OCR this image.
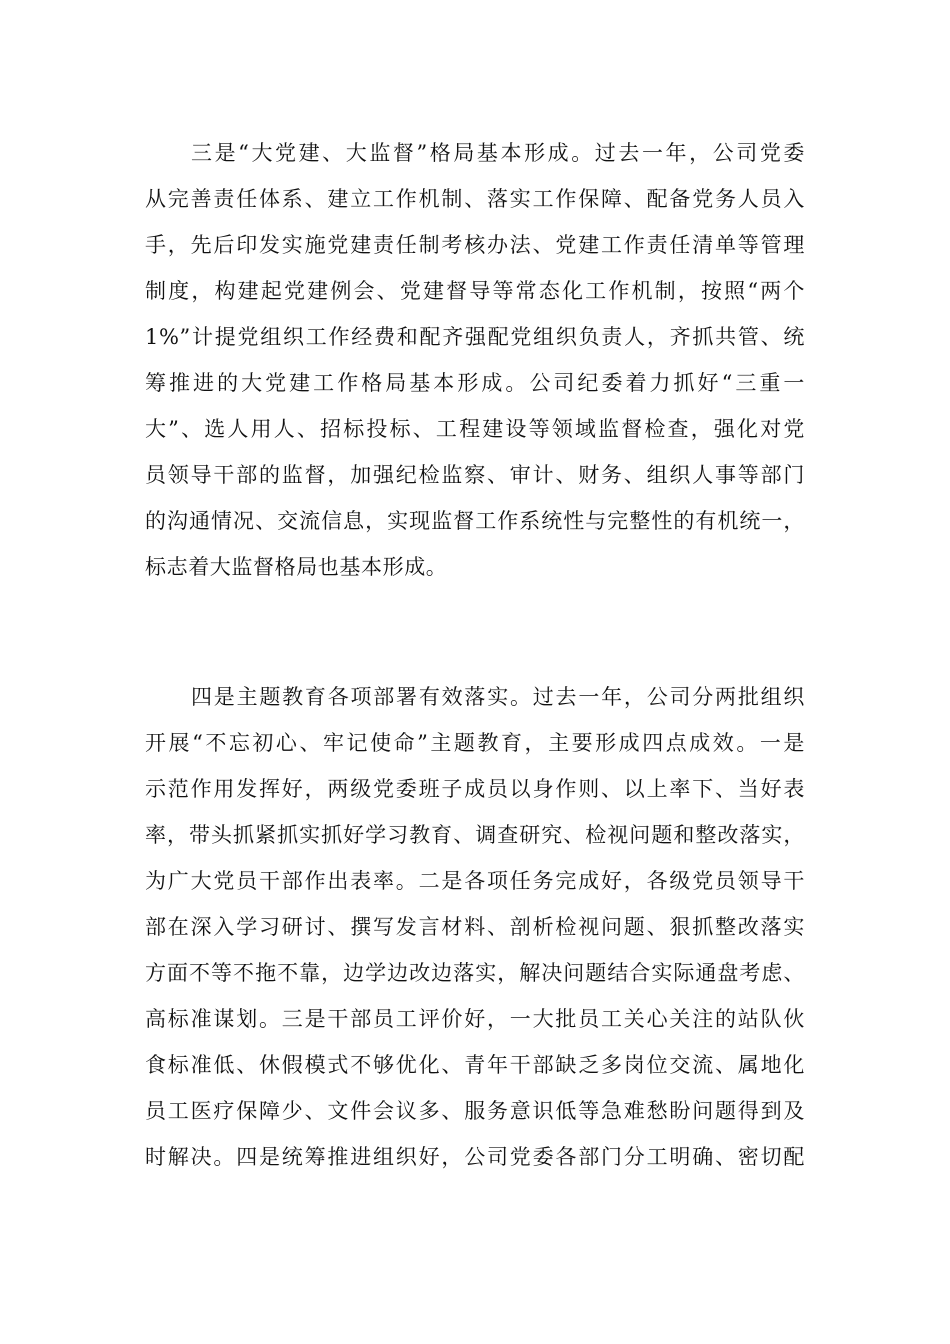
三是“大党建、大监督”格局基本形成。过去一年，公司党委
从完善责任体系、建立工作机制、落实工作保障、配备党务人员入
手，先后印发实施党建责任制考核办法、党建工作责任清单等管理
制度，构建起党建例会、党建督导等常态化工作机制，按照“两个
1%”计提党组织工作经费和配齐强配党组织负责人，齐抓共管、统
筹推进的大党建工作格局基本形成。公司纪委着力抓好“三重一
大”、选人用人、招标投标、工程建设等领域监督检查，强化对党
员领导干部的监督，加强纪检监察、审计、财务、组织人事等部门
的沟通情况、交流信息，实现监督工作系统性与完整性的有机统一，
标志着大监督格局也基本形成。
四是主题教育各项部署有效落实。过去一年，公司分两批组织
开展“不忘初心、牢记使命”主题教育，主要形成四点成效。一是
示范作用发挥好，两级党委班子成员以身作则、以上率下、当好表
率，带头抓紧抓实抓好学习教育、调查研究、检视问题和整改落实，
为广大党员干部作出表率。二是各项任务完成好，各级党员领导干
部在深入学习研讨、撰写发言材料、剖析检视问题、狠抓整改落实
方面不等不拖不靠，边学边改边落实，解决问题结合实际通盘考虑、
高标准谋划。三是干部员工评价好，一大批员工关心关注的站队伙
食标准低、休假模式不够优化、青年干部缺乏多岗位交流、属地化
员工医疗保障少、文件会议多、服务意识低等急难愁盼问题得到及
时解决。四是统筹推进组织好，公司党委各部门分工明确、密切配
